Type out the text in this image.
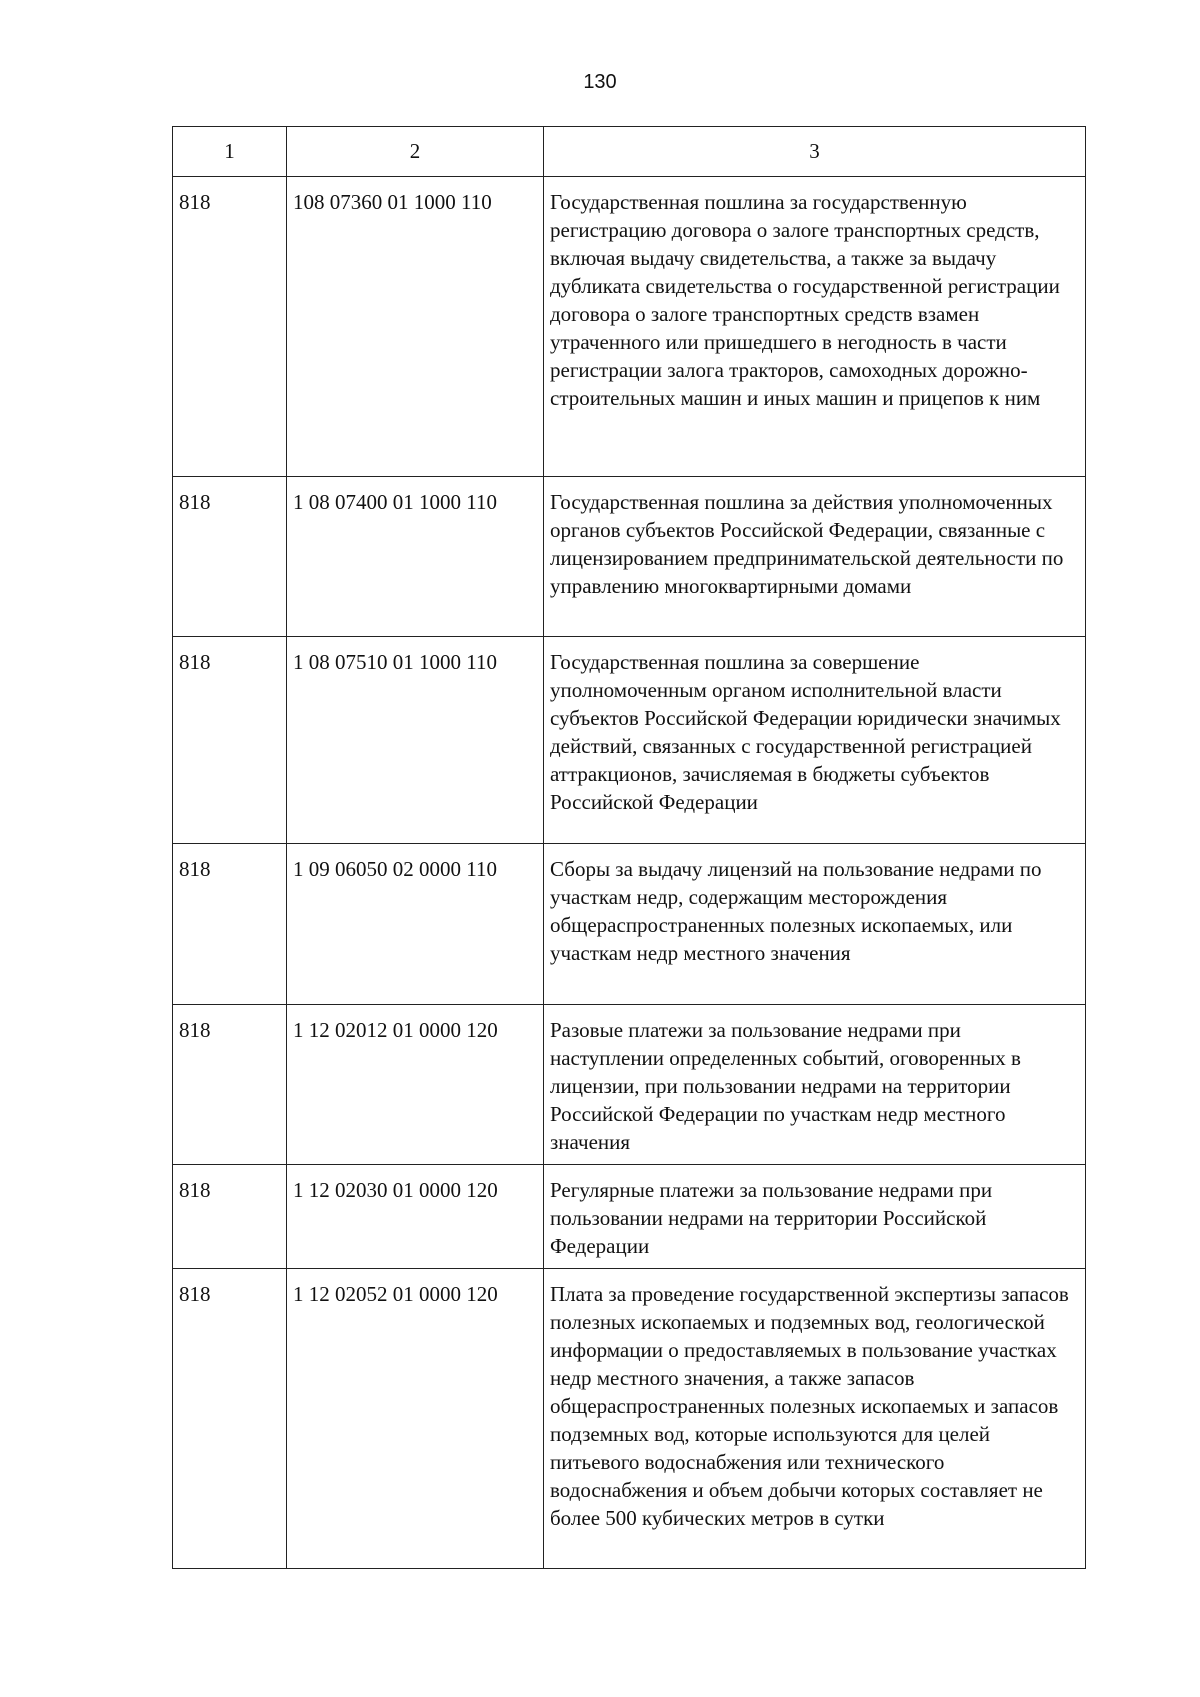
130
1	2	3
818	108 07360 01 1000 110	Государственная пошлина за государственную регистрацию договора о залоге транспортных средств, включая выдачу свидетельства, а также за выдачу дубликата свидетельства о государственной регистрации договора о залоге транспортных средств взамен утраченного или пришедшего в негодность в части регистрации залога тракторов, самоходных дорожно-строительных машин и иных машин и прицепов к ним
818	1 08 07400 01 1000 110	Государственная пошлина за действия уполномоченных органов субъектов Российской Федерации, связанные с лицензированием предпринимательской деятельности по управлению многоквартирными домами
818	1 08 07510 01 1000 110	Государственная пошлина за совершение уполномоченным органом исполнительной власти субъектов Российской Федерации юридически значимых действий, связанных с государственной регистрацией аттракционов, зачисляемая в бюджеты субъектов Российской Федерации
818	1 09 06050 02 0000 110	Сборы за выдачу лицензий на пользование недрами по участкам недр, содержащим месторождения общераспространенных полезных ископаемых, или участкам недр местного значения
818	1 12 02012 01 0000 120	Разовые платежи за пользование недрами при наступлении определенных событий, оговоренных в лицензии, при пользовании недрами на территории Российской Федерации по участкам недр местного значения
818	1 12 02030 01 0000 120	Регулярные платежи за пользование недрами при пользовании недрами на территории Российской Федерации
818	1 12 02052 01 0000 120	Плата за проведение государственной экспертизы запасов полезных ископаемых и подземных вод, геологической информации о предоставляемых в пользование участках недр местного значения, а также запасов общераспространенных полезных ископаемых и запасов подземных вод, которые используются для целей питьевого водоснабжения или технического водоснабжения и объем добычи которых составляет не более 500 кубических метров в сутки
